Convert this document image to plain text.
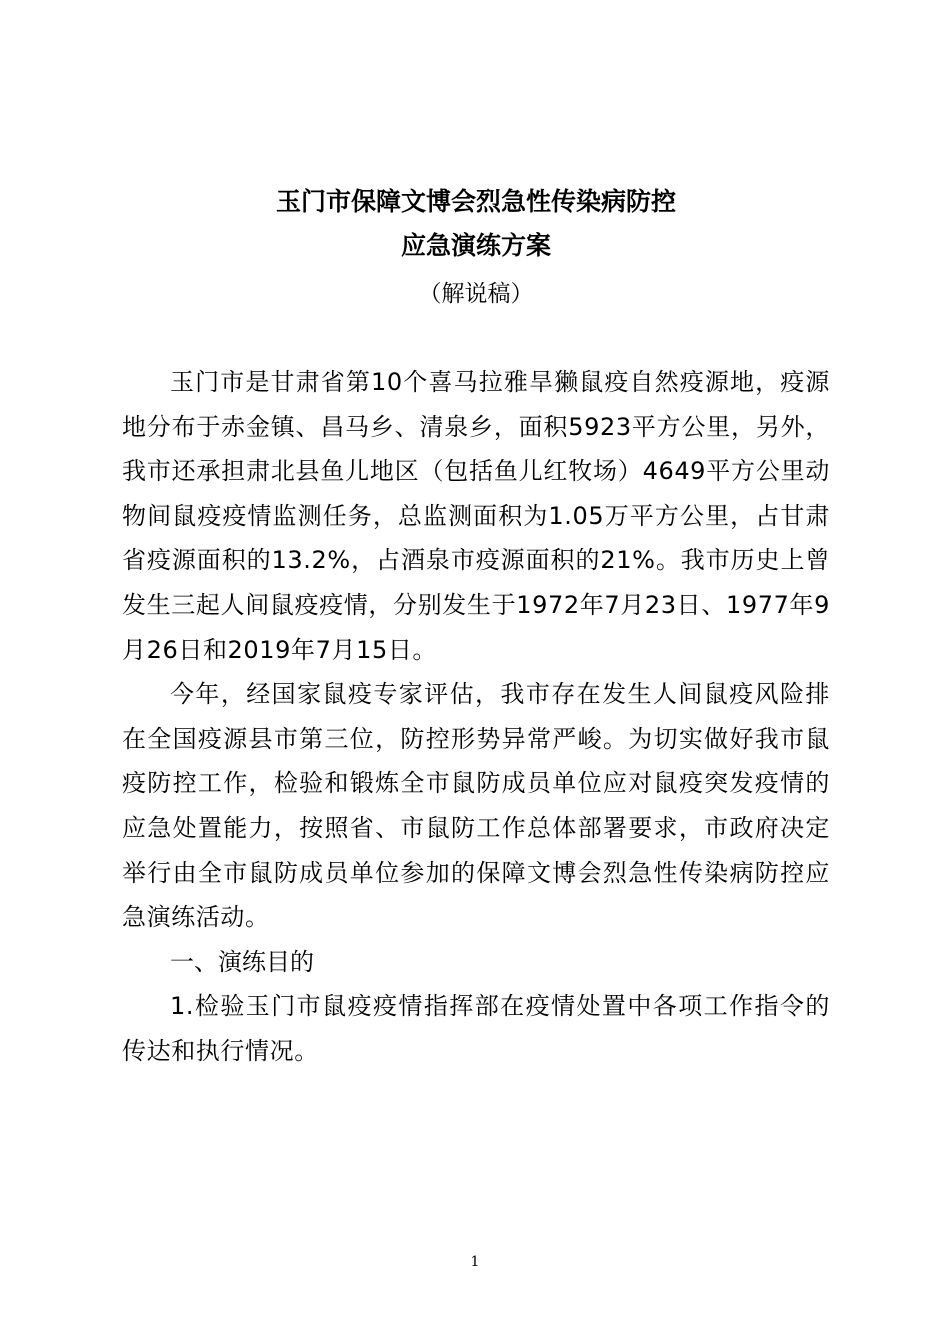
玉门市保障文博会烈急性传染病防控
应急演练方案

（解说稿）

玉门市是甘肃省第10个喜马拉雅旱獭鼠疫自然疫源地，疫源地分布于赤金镇、昌马乡、清泉乡，面积5923平方公里，另外，我市还承担肃北县鱼儿地区（包括鱼儿红牧场）4649平方公里动物间鼠疫疫情监测任务，总监测面积为1.05万平方公里，占甘肃省疫源面积的13.2%，占酒泉市疫源面积的21%。我市历史上曾发生三起人间鼠疫疫情，分别发生于1972年7月23日、1977年9月26日和2019年7月15日。

今年，经国家鼠疫专家评估，我市存在发生人间鼠疫风险排在全国疫源县市第三位，防控形势异常严峻。为切实做好我市鼠疫防控工作，检验和锻炼全市鼠防成员单位应对鼠疫突发疫情的应急处置能力，按照省、市鼠防工作总体部署要求，市政府决定举行由全市鼠防成员单位参加的保障文博会烈急性传染病防控应急演练活动。

一、演练目的

1.检验玉门市鼠疫疫情指挥部在疫情处置中各项工作指令的传达和执行情况。

1
